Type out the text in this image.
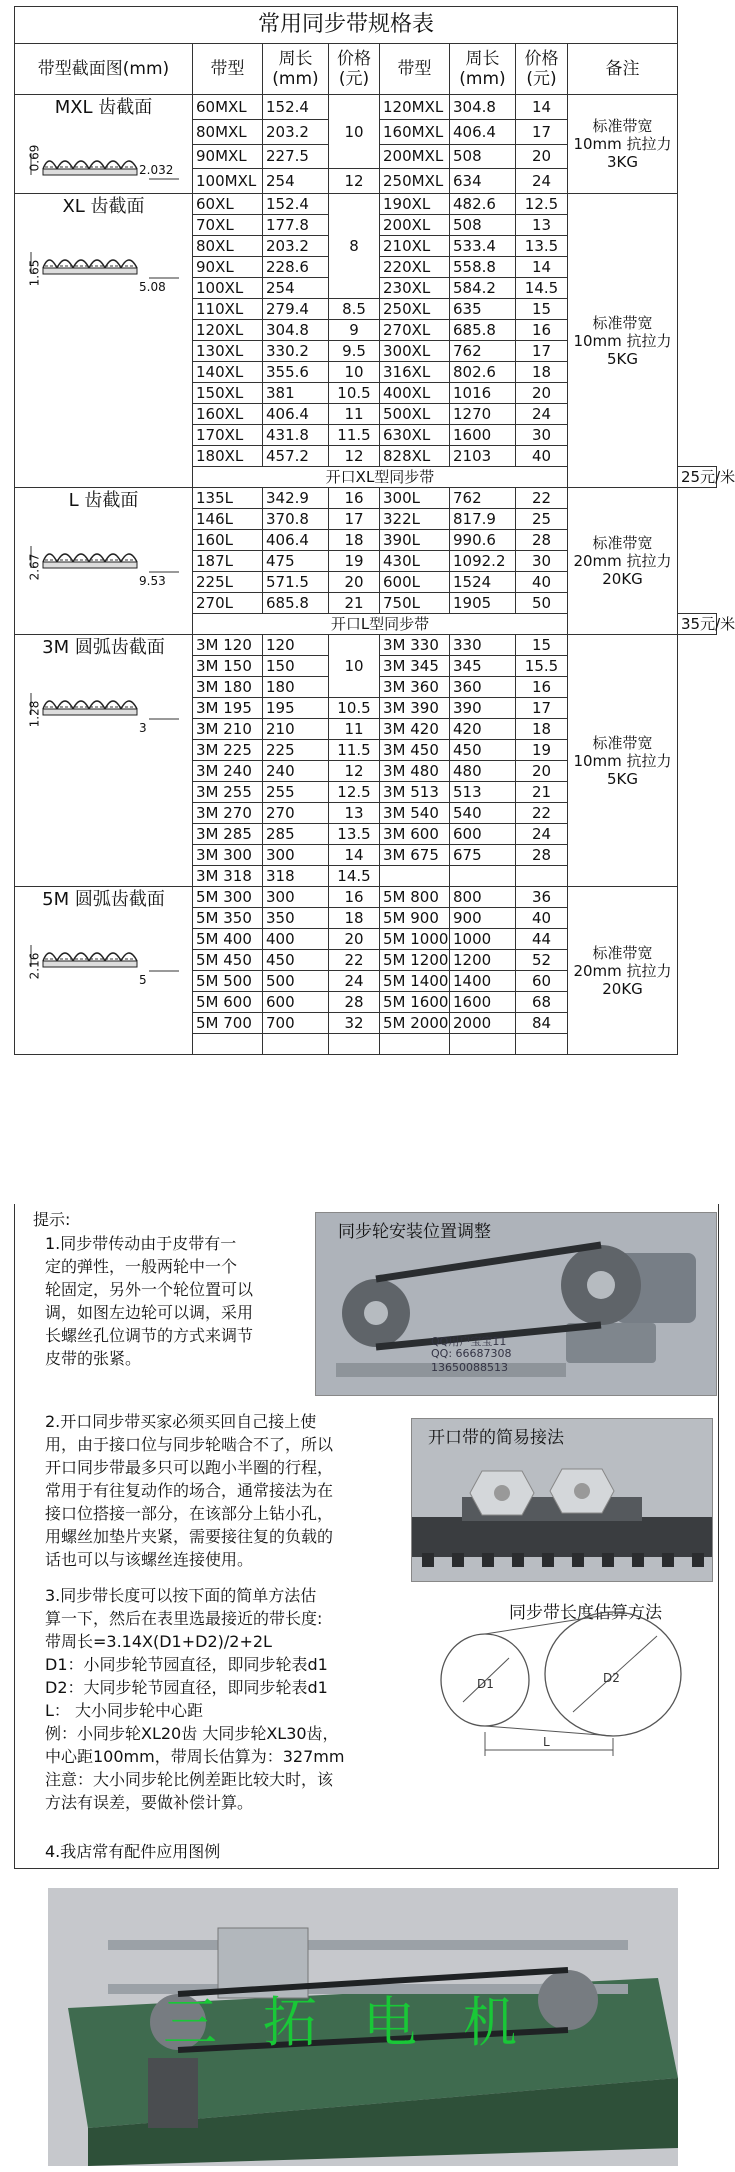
常用同步带规格表								
带型截面图(mm)	带型	周长(mm)	价格(元)	带型	周长(mm)	价格(元)	备注	

MXL 齿截面
0.69 2.032	60MXL	152.4	10	120MXL	304.8	14	标准带宽 10mm 抗拉力3KG	
	80MXL	203.2		160MXL	406.4	17		
	90MXL	227.5		200MXL	508	20		
	100MXL	254	12	250MXL	634	24		

XL 齿截面
1.65
5.08	60XL	152.4	8	190XL	482.6	12.5	标准带宽 10mm 抗拉力5KG	
	70XL	177.8		200XL	508	13		
	80XL	203.2		210XL	533.4	13.5		
	90XL	228.6		220XL	558.8	14		
	100XL	254		230XL	584.2	14.5		
	110XL	279.4	8.5	250XL	635	15		
	120XL	304.8	9	270XL	685.8	16		
	130XL	330.2	9.5	300XL	762	17		
	140XL	355.6	10	316XL	802.6	18		
	150XL	381	10.5	400XL	1016	20		
	160XL	406.4	11	500XL	1270	24		
	170XL	431.8	11.5	630XL	1600	30		
	180XL	457.2	12	828XL	2103	40		
	开口XL型同步带							25元/米

L 齿截面
2.67
9.53	135L	342.9	16	300L	762	22	标准带宽 20mm 抗拉力20KG	
	146L	370.8	17	322L	817.9	25		
	160L	406.4	18	390L	990.6	28		
	187L	475	19	430L	1092.2	30		
	225L	571.5	20	600L	1524	40		
	270L	685.8	21	750L	1905	50		
	开口L型同步带							35元/米

3M 圆弧齿截面
1.28
3	3M 120	120	10	3M 330	330	15	标准带宽 10mm 抗拉力5KG	
	3M 150	150		3M 345	345	15.5		
	3M 180	180		3M 360	360	16		
	3M 195	195	10.5	3M 390	390	17		
	3M 210	210	11	3M 420	420	18		
	3M 225	225	11.5	3M 450	450	19		
	3M 240	240	12	3M 480	480	20		
	3M 255	255	12.5	3M 513	513	21		
	3M 270	270	13	3M 540	540	22		
	3M 285	285	13.5	3M 600	600	24		
	3M 300	300	14	3M 675	675	28		
	3M 318	318	14.5					

5M 圆弧齿截面
2.16
5	5M 300	300	16	5M 800	800	36	标准带宽 20mm 抗拉力20KG	
	5M 350	350	18	5M 900	900	40		
	5M 400	400	20	5M 1000	1000	44		
	5M 450	450	22	5M 1200	1200	52		
	5M 500	500	24	5M 1400	1400	60		
	5M 600	600	28	5M 1600	1600	68		
	5M 700	700	32	5M 2000	2000	84		

提示:
1.同步带传动由于皮带有一
定的弹性，一般两轮中一个
轮固定，另外一个轮位置可以
调，如图左边轮可以调，采用
长螺丝孔位调节的方式来调节
皮带的张紧。
同步轮安装位置调整
QQ用户宝宝11
QQ: 66687308
13650088513
2.开口同步带买家必须买回自己接上使
用，由于接口位与同步轮啮合不了，所以
开口同步带最多只可以跑小半圈的行程，
常用于有往复动作的场合，通常接法为在
接口位搭接一部分，在该部分上钻小孔，
用螺丝加垫片夹紧，需要接往复的负载的
话也可以与该螺丝连接使用。
开口带的简易接法
3.同步带长度可以按下面的简单方法估
算一下，然后在表里选最接近的带长度:
带周长=3.14X(D1+D2)/2+2L
D1：小同步轮节园直径，即同步轮表d1
D2：大同步轮节园直径，即同步轮表d1
L： 大小同步轮中心距
例：小同步轮XL20齿 大同步轮XL30齿，
中心距100mm，带周长估算为：327mm
注意：大小同步轮比例差距比较大时，该
方法有误差，要做补偿计算。
同步带长度估算方法
D1	D2
L
4.我店常有配件应用图例
三拓电机
